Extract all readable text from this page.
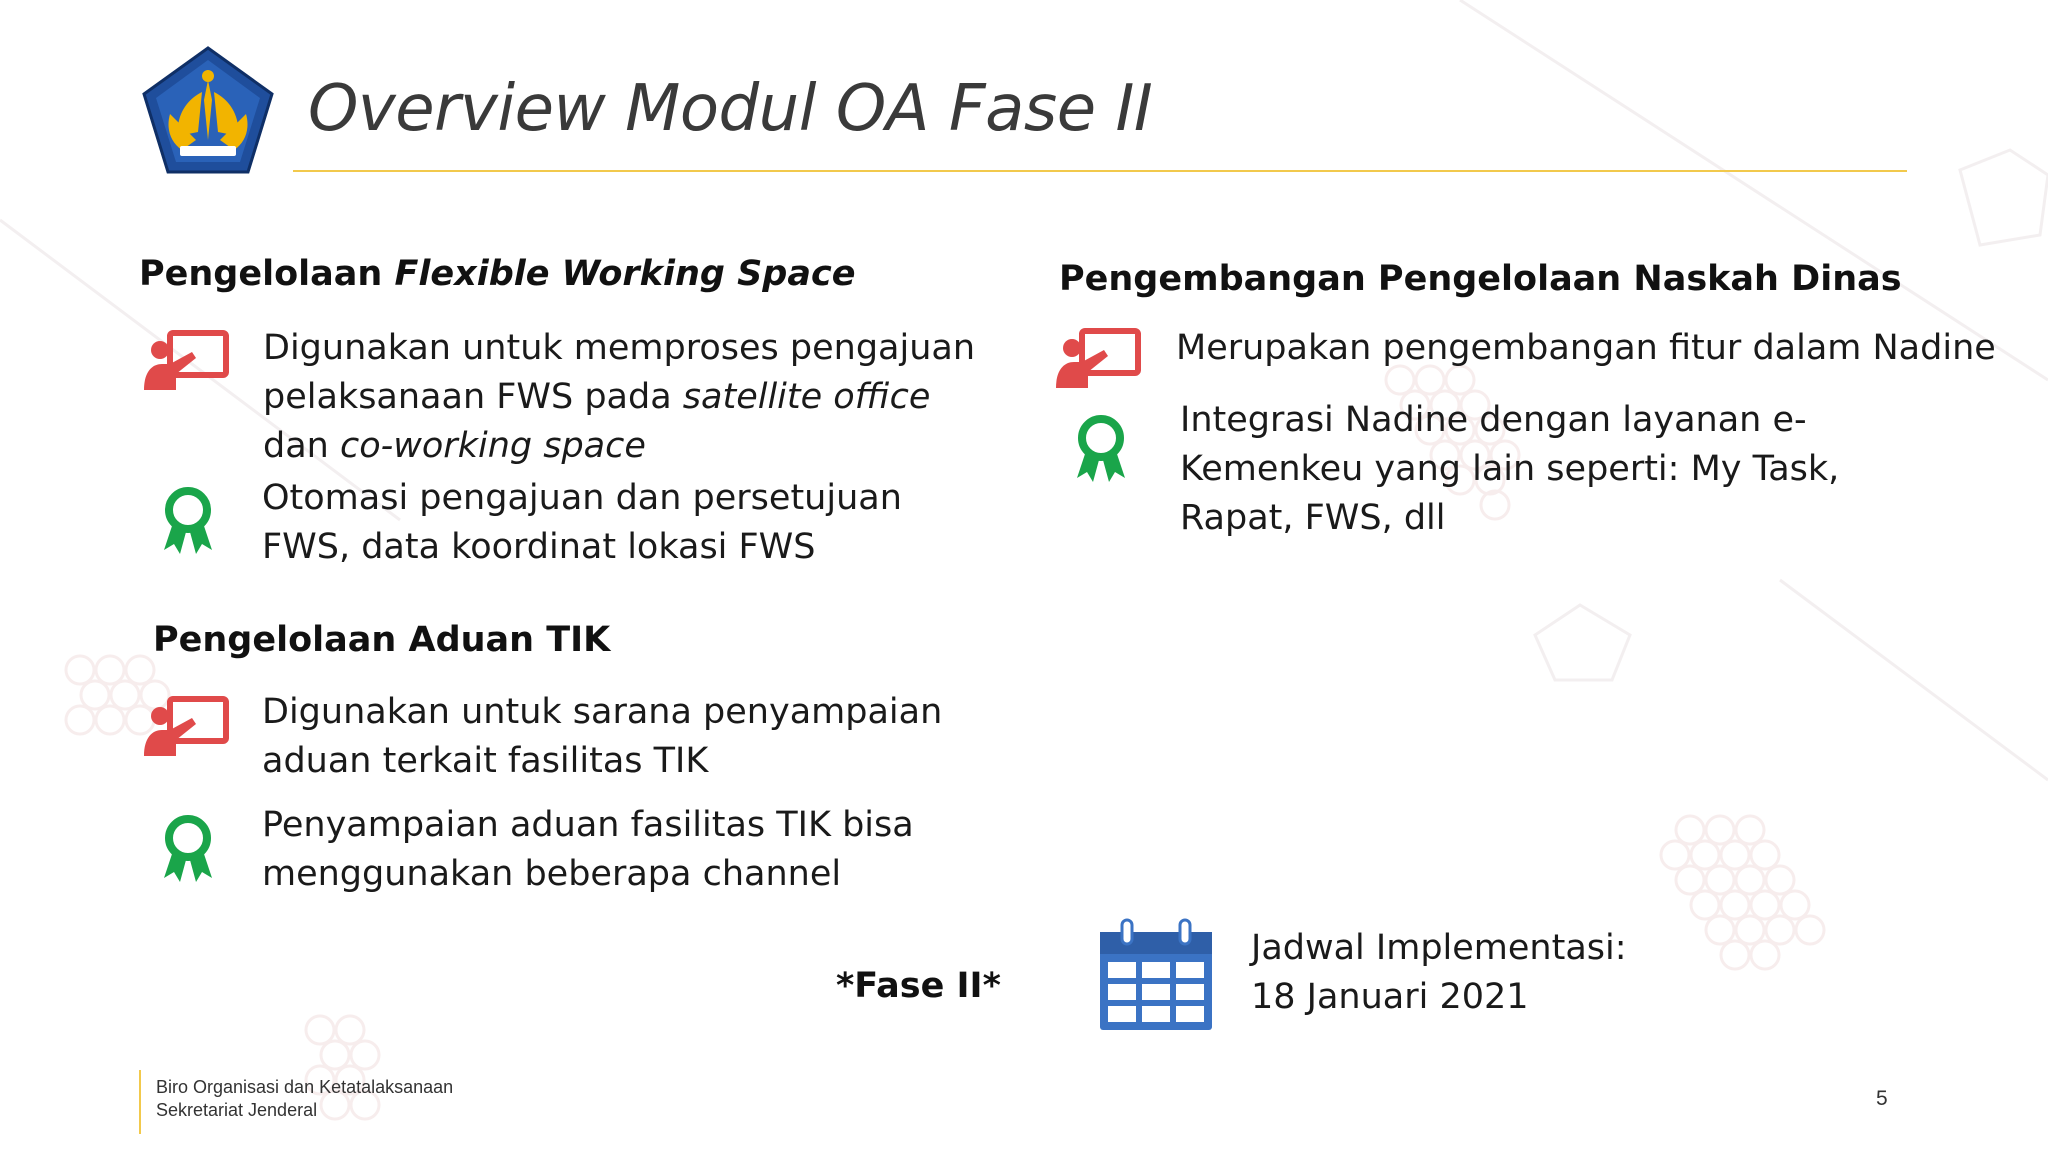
Overview Modul OA Fase II
Pengelolaan Flexible Working Space
Digunakan untuk memproses pengajuan pelaksanaan FWS pada satellite office dan co-working space
Otomasi pengajuan dan persetujuan FWS, data koordinat lokasi FWS
Pengelolaan Aduan TIK
Digunakan untuk sarana penyampaian aduan terkait fasilitas TIK
Penyampaian aduan fasilitas TIK bisa menggunakan beberapa channel
Pengembangan Pengelolaan Naskah Dinas
Merupakan pengembangan fitur dalam Nadine
Integrasi Nadine dengan layanan e-Kemenkeu yang lain seperti: My Task, Rapat, FWS, dll
*Fase II*
Jadwal Implementasi:
18 Januari 2021
Biro Organisasi dan Ketatalaksanaan
Sekretariat Jenderal	5
